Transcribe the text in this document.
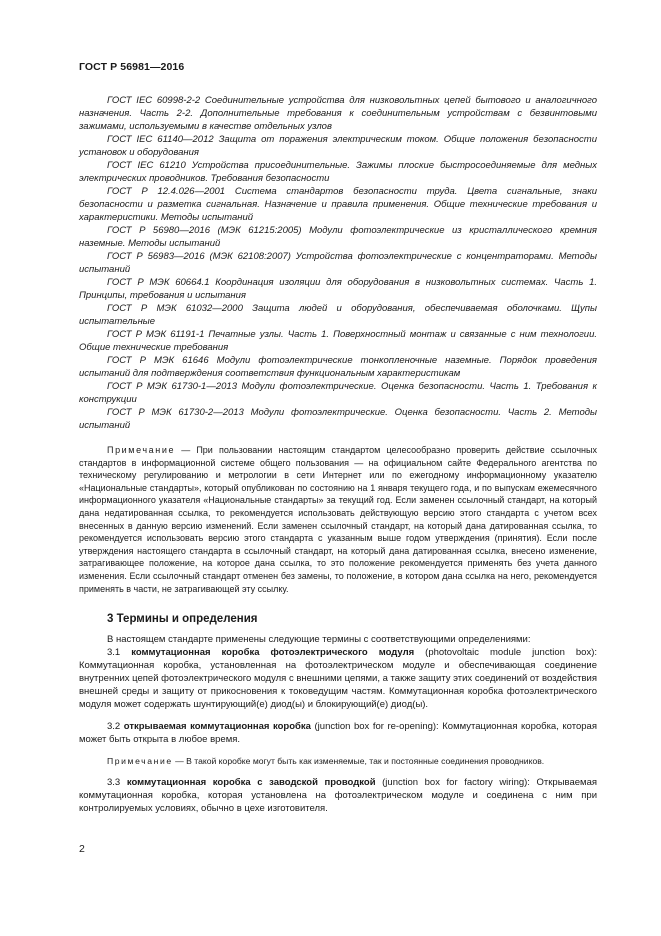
ГОСТ Р 56981—2016

ГОСТ IEC 60998-2-2 Соединительные устройства для низковольтных цепей бытового и аналогичного назначения. Часть 2-2. Дополнительные требования к соединительным устройствам с безвинтовыми зажимами, используемыми в качестве отдельных узлов

ГОСТ IEC 61140—2012 Защита от поражения электрическим током. Общие положения безопасности установок и оборудования

ГОСТ IEC 61210 Устройства присоединительные. Зажимы плоские быстросоединяемые для медных электрических проводников. Требования безопасности

ГОСТ Р 12.4.026—2001 Система стандартов безопасности труда. Цвета сигнальные, знаки безопасности и разметка сигнальная. Назначение и правила применения. Общие технические требования и характеристики. Методы испытаний

ГОСТ Р 56980—2016 (МЭК 61215:2005) Модули фотоэлектрические из кристаллического кремния наземные. Методы испытаний

ГОСТ Р 56983—2016 (МЭК 62108:2007) Устройства фотоэлектрические с концентраторами. Методы испытаний

ГОСТ Р МЭК 60664.1 Координация изоляции для оборудования в низковольтных системах. Часть 1. Принципы, требования и испытания

ГОСТ Р МЭК 61032—2000 Защита людей и оборудования, обеспечиваемая оболочками. Щупы испытательные

ГОСТ Р МЭК 61191-1 Печатные узлы. Часть 1. Поверхностный монтаж и связанные с ним технологии. Общие технические требования

ГОСТ Р МЭК 61646 Модули фотоэлектрические тонкопленочные наземные. Порядок проведения испытаний для подтверждения соответствия функциональным характеристикам

ГОСТ Р МЭК 61730-1—2013 Модули фотоэлектрические. Оценка безопасности. Часть 1. Требования к конструкции

ГОСТ Р МЭК 61730-2—2013 Модули фотоэлектрические. Оценка безопасности. Часть 2. Методы испытаний

Примечание — При пользовании настоящим стандартом целесообразно проверить действие ссылочных стандартов в информационной системе общего пользования — на официальном сайте Федерального агентства по техническому регулированию и метрологии в сети Интернет или по ежегодному информационному указателю «Национальные стандарты», который опубликован по состоянию на 1 января текущего года, и по выпускам ежемесячного информационного указателя «Национальные стандарты» за текущий год. Если заменен ссылочный стандарт, на который дана недатированная ссылка, то рекомендуется использовать действующую версию этого стандарта с учетом всех внесенных в данную версию изменений. Если заменен ссылочный стандарт, на который дана датированная ссылка, то рекомендуется использовать версию этого стандарта с указанным выше годом утверждения (принятия). Если после утверждения настоящего стандарта в ссылочный стандарт, на который дана датированная ссылка, внесено изменение, затрагивающее положение, на которое дана ссылка, то это положение рекомендуется применять без учета данного изменения. Если ссылочный стандарт отменен без замены, то положение, в котором дана ссылка на него, рекомендуется применять в части, не затрагивающей эту ссылку.

3 Термины и определения

В настоящем стандарте применены следующие термины с соответствующими определениями:

3.1 коммутационная коробка фотоэлектрического модуля (photovoltaic module junction box): Коммутационная коробка, установленная на фотоэлектрическом модуле и обеспечивающая соединение внутренних цепей фотоэлектрического модуля с внешними цепями, а также защиту этих соединений от воздействия внешней среды и защиту от прикосновения к токоведущим частям. Коммутационная коробка фотоэлектрического модуля может содержать шунтирующий(е) диод(ы) и блокирующий(е) диод(ы).

3.2 открываемая коммутационная коробка (junction box for re-opening): Коммутационная коробка, которая может быть открыта в любое время.

Примечание — В такой коробке могут быть как изменяемые, так и постоянные соединения проводников.

3.3 коммутационная коробка с заводской проводкой (junction box for factory wiring): Открываемая коммутационная коробка, которая установлена на фотоэлектрическом модуле и соединена с ним при контролируемых условиях, обычно в цехе изготовителя.

2
